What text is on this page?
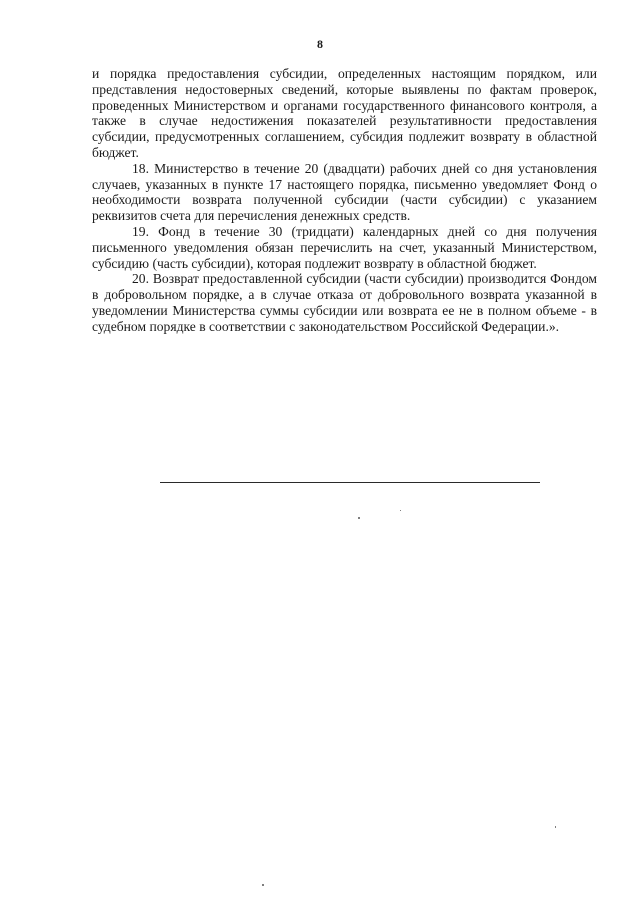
8

и порядка предоставления субсидии, определенных настоящим порядком, или представления недостоверных сведений, которые выявлены по фактам проверок, проведенных Министерством и органами государственного финансового контроля, а также в случае недостижения показателей результативности предоставления субсидии, предусмотренных соглашением, субсидия подлежит возврату в областной бюджет.

18. Министерство в течение 20 (двадцати) рабочих дней со дня установления случаев, указанных в пункте 17 настоящего порядка, письменно уведомляет Фонд о необходимости возврата полученной субсидии (части субсидии) с указанием реквизитов счета для перечисления денежных средств.

19. Фонд в течение 30 (тридцати) календарных дней со дня получения письменного уведомления обязан перечислить на счет, указанный Министерством, субсидию (часть субсидии), которая подлежит возврату в областной бюджет.

20. Возврат предоставленной субсидии (части субсидии) производится Фондом в добровольном порядке, а в случае отказа от добровольного возврата указанной в уведомлении Министерства суммы субсидии или возврата ее не в полном объеме - в судебном порядке в соответствии с законодательством Российской Федерации.».
